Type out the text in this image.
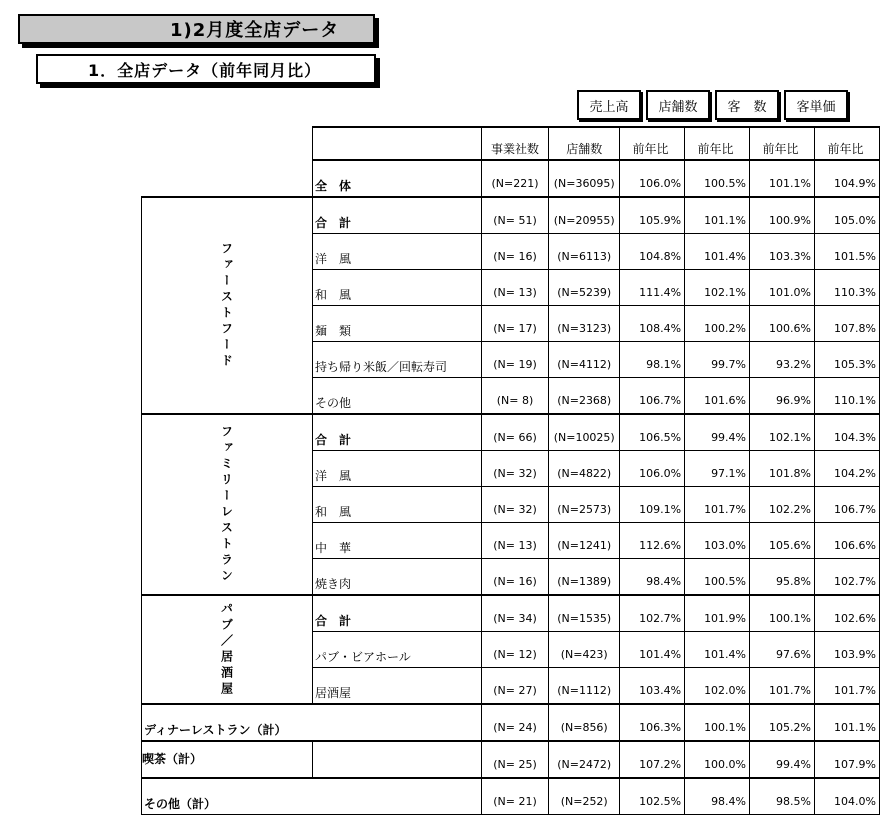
1)2月度全店データ
1．全店データ（前年同月比）
売上高	店舗数	客　数	客単価
		事業社数	店舗数	前年比	前年比	前年比	前年比
	全　体	(N=221)	(N=36095)	106.0%	100.5%	101.1%	104.9%

ファーストフード	合　計	(N= 51)	(N=20955)	105.9%	101.1%	100.9%	105.0%
	洋　風	(N= 16)	(N=6113)	104.8%	101.4%	103.3%	101.5%
	和　風	(N= 13)	(N=5239)	111.4%	102.1%	101.0%	110.3%
	麺　類	(N= 17)	(N=3123)	108.4%	100.2%	100.6%	107.8%
	持ち帰り米飯／回転寿司	(N= 19)	(N=4112)	98.1%	99.7%	93.2%	105.3%
	その他	(N= 8)	(N=2368)	106.7%	101.6%	96.9%	110.1%

ファミリーレストラン	合　計	(N= 66)	(N=10025)	106.5%	99.4%	102.1%	104.3%
	洋　風	(N= 32)	(N=4822)	106.0%	97.1%	101.8%	104.2%
	和　風	(N= 32)	(N=2573)	109.1%	101.7%	102.2%	106.7%
	中　華	(N= 13)	(N=1241)	112.6%	103.0%	105.6%	106.6%
	焼き肉	(N= 16)	(N=1389)	98.4%	100.5%	95.8%	102.7%

パブ／居酒屋	合　計	(N= 34)	(N=1535)	102.7%	101.9%	100.1%	102.6%
	パブ・ビアホール	(N= 12)	(N=423)	101.4%	101.4%	97.6%	103.9%
	居酒屋	(N= 27)	(N=1112)	103.4%	102.0%	101.7%	101.7%
ディナーレストラン（計）		(N= 24)	(N=856)	106.3%	100.1%	105.2%	101.1%
喫茶（計）		(N= 25)	(N=2472)	107.2%	100.0%	99.4%	107.9%
その他（計）		(N= 21)	(N=252)	102.5%	98.4%	98.5%	104.0%
